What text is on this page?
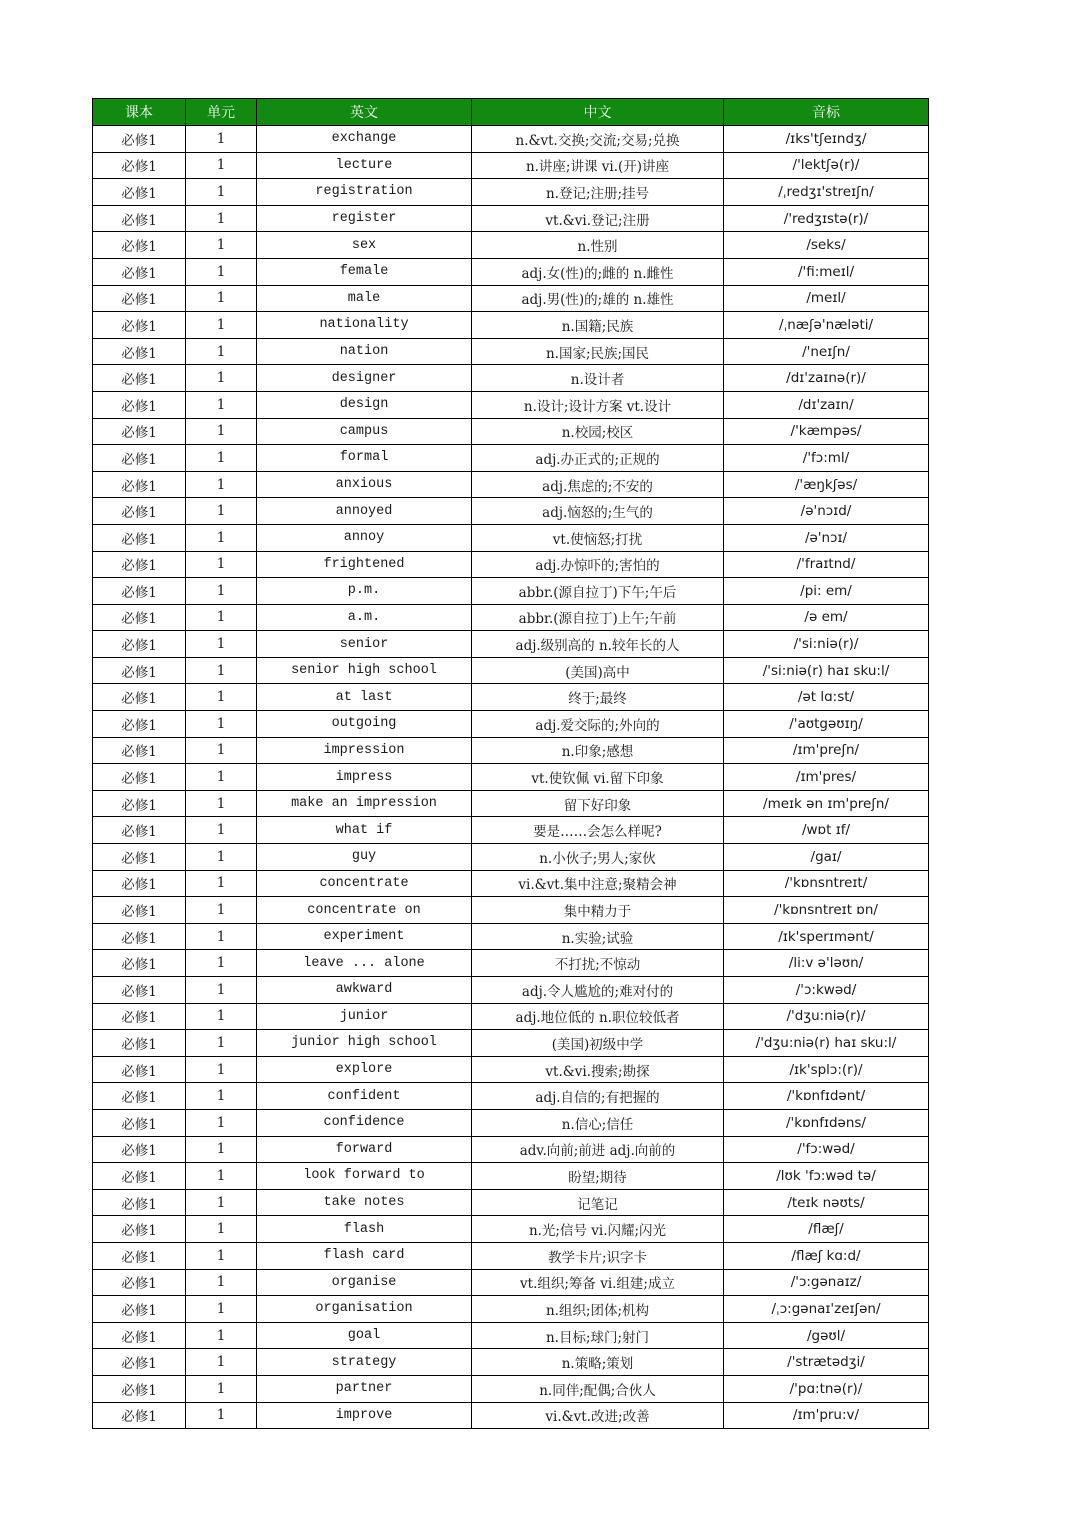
课本	单元	英文	中文	音标
必修1	1	exchange	n.&vt.交换;交流;交易;兑换	/ɪks'tʃeɪndʒ/
必修1	1	lecture	n.讲座;讲课 vi.(开)讲座	/'lektʃə(r)/
必修1	1	registration	n.登记;注册;挂号	/ˌredʒɪ'streɪʃn/
必修1	1	register	vt.&vi.登记;注册	/'redʒɪstə(r)/
必修1	1	sex	n.性别	/seks/
必修1	1	female	adj.女(性)的;雌的 n.雌性	/'fi:meɪl/
必修1	1	male	adj.男(性)的;雄的 n.雄性	/meɪl/
必修1	1	nationality	n.国籍;民族	/ˌnæʃə'næləti/
必修1	1	nation	n.国家;民族;国民	/'neɪʃn/
必修1	1	designer	n.设计者	/dɪ'zaɪnə(r)/
必修1	1	design	n.设计;设计方案 vt.设计	/dɪ'zaɪn/
必修1	1	campus	n.校园;校区	/'kæmpəs/
必修1	1	formal	adj.办正式的;正规的	/'fɔ:ml/
必修1	1	anxious	adj.焦虑的;不安的	/'æŋkʃəs/
必修1	1	annoyed	adj.恼怒的;生气的	/ə'nɔɪd/
必修1	1	annoy	vt.使恼怒;打扰	/ə'nɔɪ/
必修1	1	frightened	adj.办惊吓的;害怕的	/'fraɪtnd/
必修1	1	p.m.	abbr.(源自拉丁)下午;午后	/pi: em/
必修1	1	a.m.	abbr.(源自拉丁)上午;午前	/ə em/
必修1	1	senior	adj.级别高的 n.较年长的人	/'si:niə(r)/
必修1	1	senior high school	(美国)高中	/'si:niə(r) haɪ sku:l/
必修1	1	at last	终于;最终	/ət lɑ:st/
必修1	1	outgoing	adj.爱交际的;外向的	/'aʊtgəʊɪŋ/
必修1	1	impression	n.印象;感想	/ɪm'preʃn/
必修1	1	impress	vt.使钦佩 vi.留下印象	/ɪm'pres/
必修1	1	make an impression	留下好印象	/meɪk ən ɪm'preʃn/
必修1	1	what if	要是……会怎么样呢?	/wɒt ɪf/
必修1	1	guy	n.小伙子;男人;家伙	/gaɪ/
必修1	1	concentrate	vi.&vt.集中注意;聚精会神	/'kɒnsntreɪt/
必修1	1	concentrate on	集中精力于	/'kɒnsntreɪt ɒn/
必修1	1	experiment	n.实验;试验	/ɪk'sperɪmənt/
必修1	1	leave ... alone	不打扰;不惊动	/li:v ə'ləʊn/
必修1	1	awkward	adj.令人尴尬的;难对付的	/'ɔ:kwəd/
必修1	1	junior	adj.地位低的 n.职位较低者	/'dʒu:niə(r)/
必修1	1	junior high school	(美国)初级中学	/'dʒu:niə(r) haɪ sku:l/
必修1	1	explore	vt.&vi.搜索;勘探	/ɪk'splɔ:(r)/
必修1	1	confident	adj.自信的;有把握的	/'kɒnfɪdənt/
必修1	1	confidence	n.信心;信任	/'kɒnfɪdəns/
必修1	1	forward	adv.向前;前进 adj.向前的	/'fɔ:wəd/
必修1	1	look forward to	盼望;期待	/lʊk 'fɔ:wəd tə/
必修1	1	take notes	记笔记	/teɪk nəʊts/
必修1	1	flash	n.光;信号 vi.闪耀;闪光	/flæʃ/
必修1	1	flash card	教学卡片;识字卡	/flæʃ kɑ:d/
必修1	1	organise	vt.组织;筹备 vi.组建;成立	/'ɔ:gənaɪz/
必修1	1	organisation	n.组织;团体;机构	/ˌɔ:gənaɪ'zeɪʃən/
必修1	1	goal	n.目标;球门;射门	/gəʊl/
必修1	1	strategy	n.策略;策划	/'strætədʒi/
必修1	1	partner	n.同伴;配偶;合伙人	/'pɑ:tnə(r)/
必修1	1	improve	vi.&vt.改进;改善	/ɪm'pru:v/
